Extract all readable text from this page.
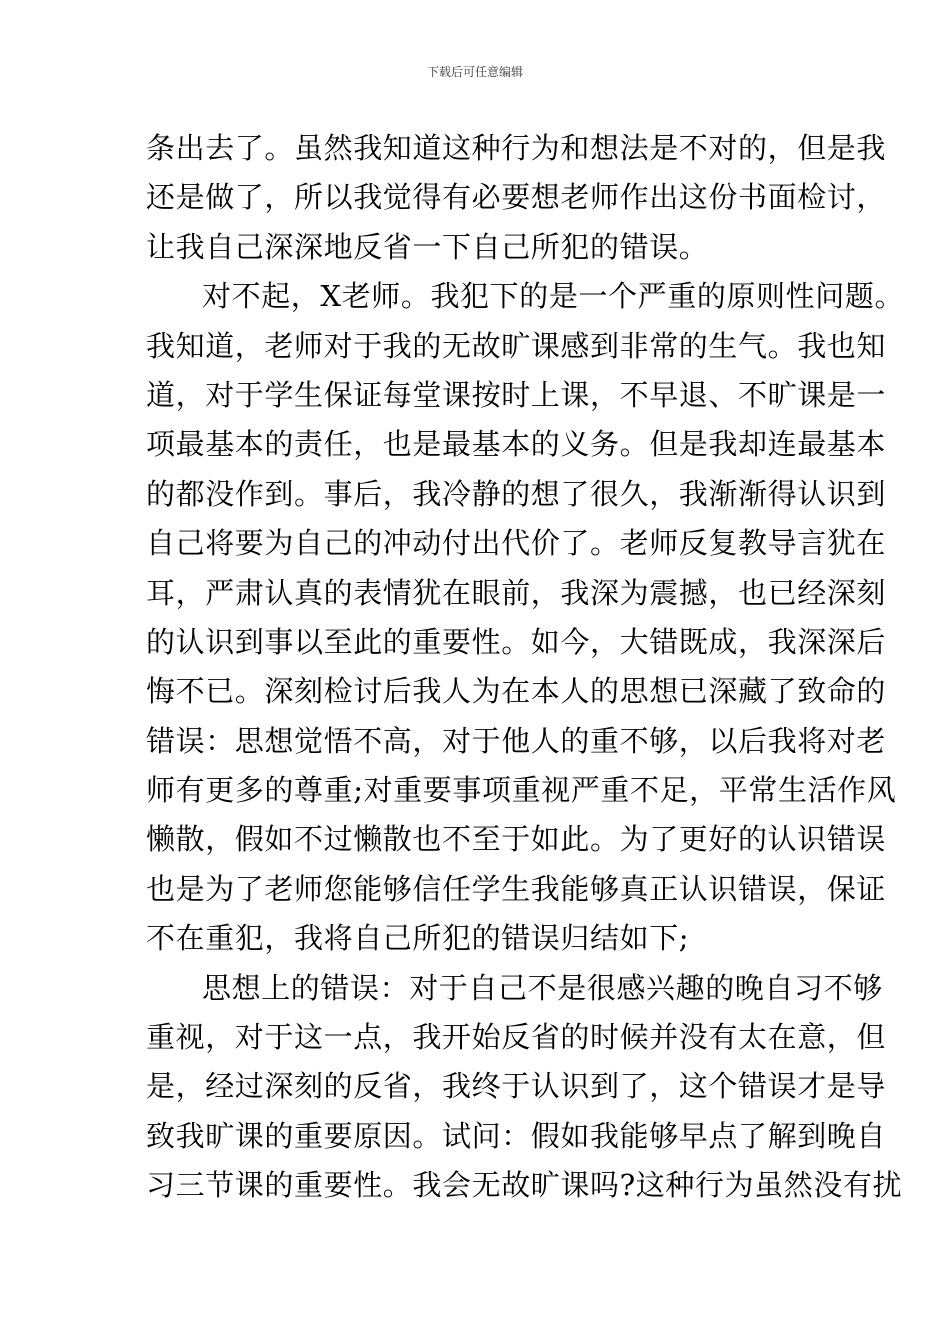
下载后可任意编辑
条出去了。虽然我知道这种行为和想法是不对的，但是我
还是做了，所以我觉得有必要想老师作出这份书面检讨，
让我自己深深地反省一下自己所犯的错误。
对不起，X老师。我犯下的是一个严重的原则性问题。
我知道，老师对于我的无故旷课感到非常的生气。我也知
道，对于学生保证每堂课按时上课，不早退、不旷课是一
项最基本的责任，也是最基本的义务。但是我却连最基本
的都没作到。事后，我冷静的想了很久，我渐渐得认识到
自己将要为自己的冲动付出代价了。老师反复教导言犹在
耳，严肃认真的表情犹在眼前，我深为震撼，也已经深刻
的认识到事以至此的重要性。如今，大错既成，我深深后
悔不已。深刻检讨后我人为在本人的思想已深藏了致命的
错误：思想觉悟不高，对于他人的重不够，以后我将对老
师有更多的尊重;对重要事项重视严重不足，平常生活作风
懒散，假如不过懒散也不至于如此。为了更好的认识错误
也是为了老师您能够信任学生我能够真正认识错误，保证
不在重犯，我将自己所犯的错误归结如下;
思想上的错误：对于自己不是很感兴趣的晚自习不够
重视，对于这一点，我开始反省的时候并没有太在意，但
是，经过深刻的反省，我终于认识到了，这个错误才是导
致我旷课的重要原因。试问：假如我能够早点了解到晚自
习三节课的重要性。我会无故旷课吗?这种行为虽然没有扰
